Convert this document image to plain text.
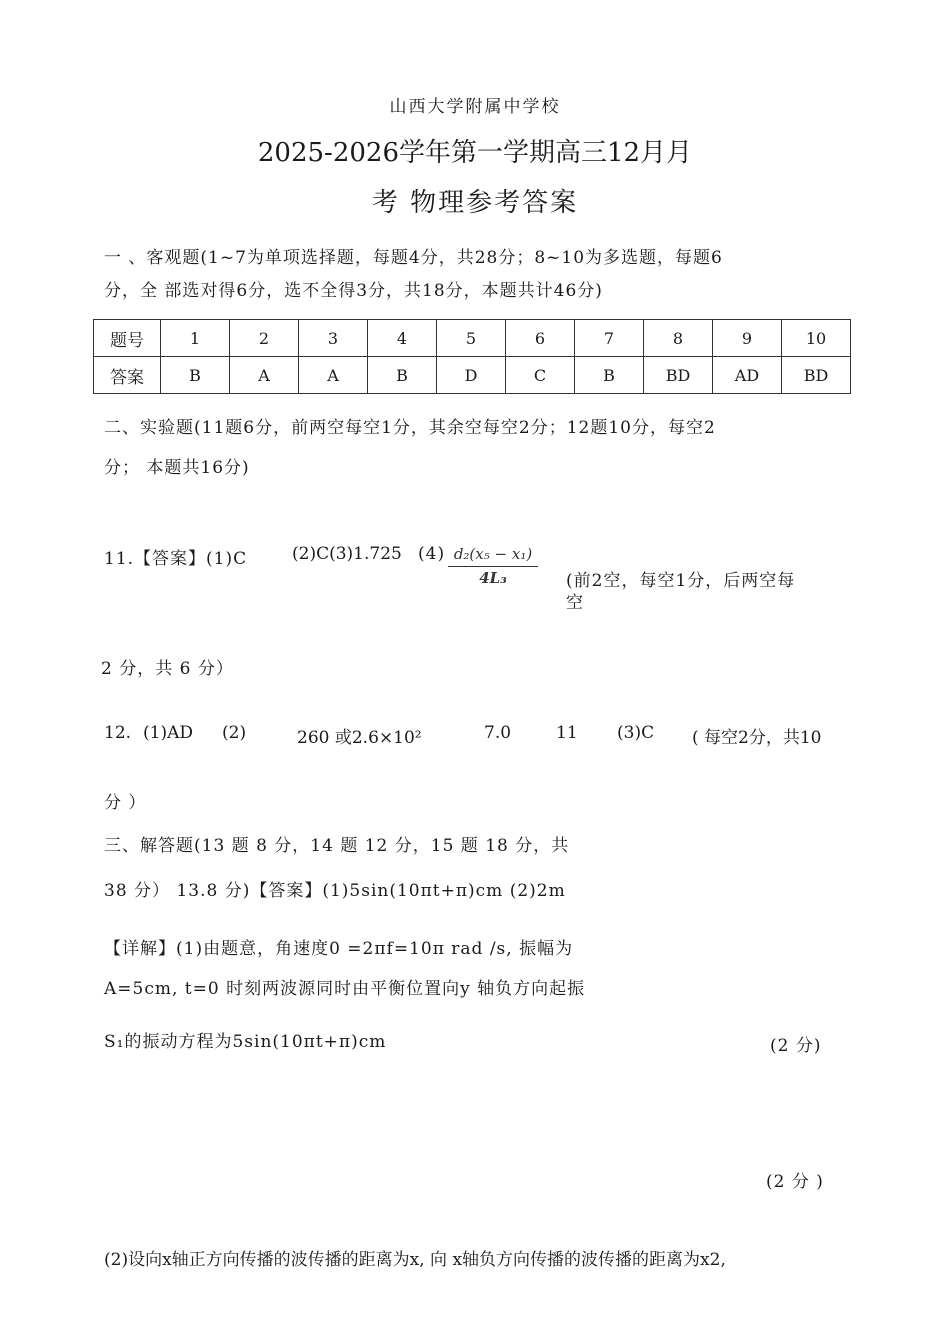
山西大学附属中学校
2025-2026学年第一学期高三12月月
考 物理参考答案
一 、客观题(1~7为单项选择题，每题4分，共28分；8~10为多选题，每题6
分，全 部选对得6分，选不全得3分，共18分，本题共计46分)
题号	1	2	3	4	5	6	7	8	9	10
答案	B	A	A	B	D	C	B	BD	AD	BD
二、实验题(11题6分，前两空每空1分，其余空每空2分；12题10分，每空2
分； 本题共16分)
11.【答案】(1)C	(2)C(3)1.725 $(4) \frac{\text{d₂(x₅ − x₁)}}{\text{4L₃}}$ (前2空，每空1分，后两空每
空
2 分，共 6 分）
12. (1)AD (2)	260 或2.6×10²	7.0	11 (3)C ( 每空2分，共10
分 ）
三、解答题(13 题 8 分，14 题 12 分，15 题 18 分，共
38 分） 13.8 分)【答案】(1)5sin(10πt+π)cm (2)2m
【详解】(1)由题意，角速度0 =2πf=10π rad /s, 振幅为
A=5cm, t=0 时刻两波源同时由平衡位置向y 轴负方向起振
S₁的振动方程为5sin(10πt+π)cm	(2 分)
(2 分 )
(2)设向x轴正方向传播的波传播的距离为x, 向 x轴负方向传播的波传播的距离为x2,
